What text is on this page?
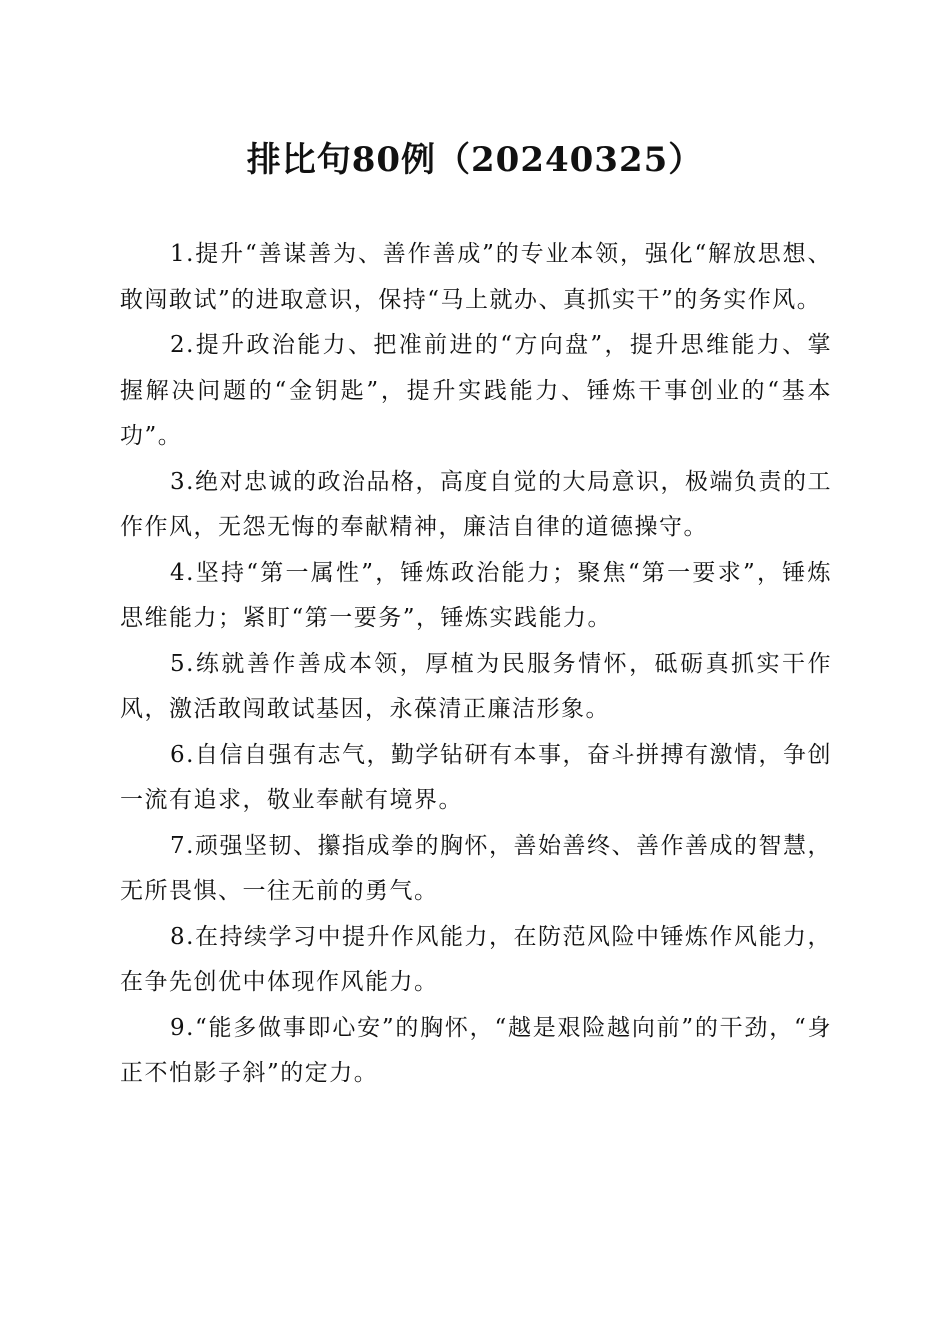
排比句80例（20240325）

1.提升“善谋善为、善作善成”的专业本领，强化“解放思想、敢闯敢试”的进取意识，保持“马上就办、真抓实干”的务实作风。

2.提升政治能力、把准前进的“方向盘”，提升思维能力、掌握解决问题的“金钥匙”，提升实践能力、锤炼干事创业的“基本功”。

3.绝对忠诚的政治品格，高度自觉的大局意识，极端负责的工作作风，无怨无悔的奉献精神，廉洁自律的道德操守。

4.坚持“第一属性”，锤炼政治能力；聚焦“第一要求”，锤炼思维能力；紧盯“第一要务”，锤炼实践能力。

5.练就善作善成本领，厚植为民服务情怀，砥砺真抓实干作风，激活敢闯敢试基因，永葆清正廉洁形象。

6.自信自强有志气，勤学钻研有本事，奋斗拼搏有激情，争创一流有追求，敬业奉献有境界。

7.顽强坚韧、攥指成拳的胸怀，善始善终、善作善成的智慧，无所畏惧、一往无前的勇气。

8.在持续学习中提升作风能力，在防范风险中锤炼作风能力，在争先创优中体现作风能力。

9.“能多做事即心安”的胸怀，“越是艰险越向前”的干劲，“身正不怕影子斜”的定力。
